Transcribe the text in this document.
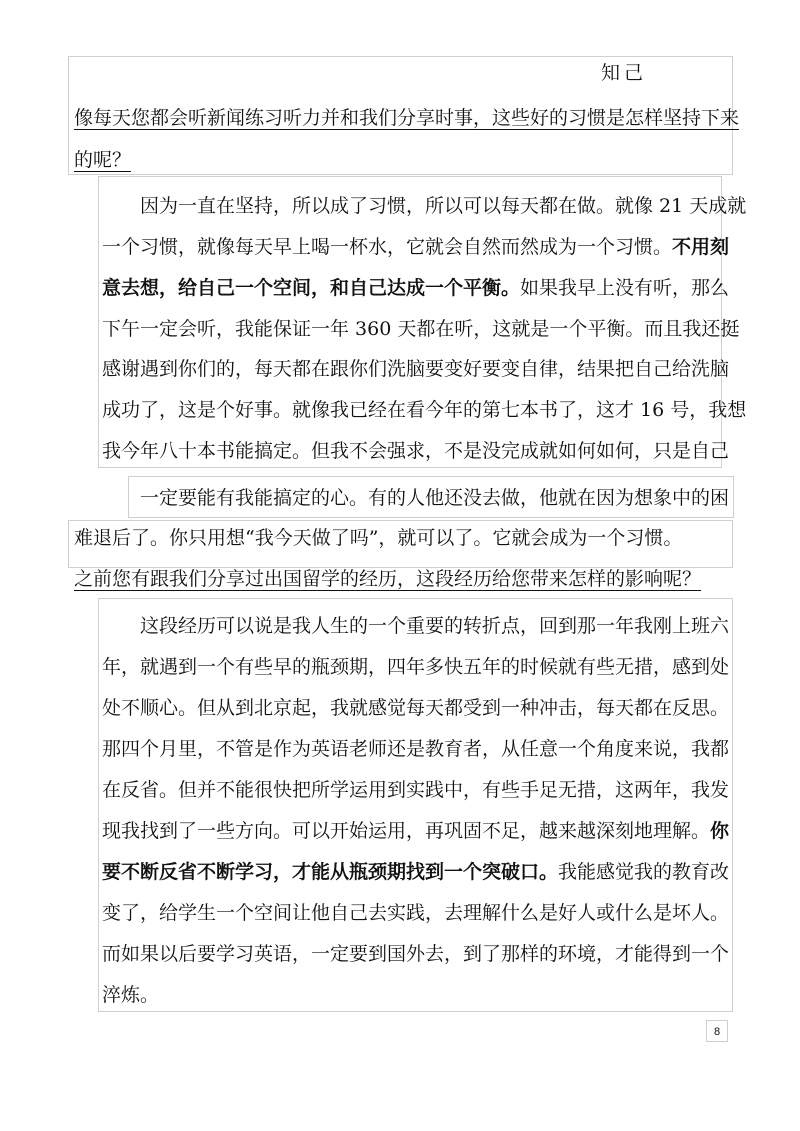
知己
像每天您都会听新闻练习听力并和我们分享时事，这些好的习惯是怎样坚持下来
的呢？
因为一直在坚持，所以成了习惯，所以可以每天都在做。就像 21 天成就
一个习惯，就像每天早上喝一杯水，它就会自然而然成为一个习惯。不用刻
意去想，给自己一个空间，和自己达成一个平衡。如果我早上没有听，那么
下午一定会听，我能保证一年 360 天都在听，这就是一个平衡。而且我还挺
感谢遇到你们的，每天都在跟你们洗脑要变好要变自律，结果把自己给洗脑
成功了，这是个好事。就像我已经在看今年的第七本书了，这才 16 号，我想
我今年八十本书能搞定。但我不会强求，不是没完成就如何如何，只是自己
一定要能有我能搞定的心。有的人他还没去做，他就在因为想象中的困
难退后了。你只用想“我今天做了吗”，就可以了。它就会成为一个习惯。
之前您有跟我们分享过出国留学的经历，这段经历给您带来怎样的影响呢？
这段经历可以说是我人生的一个重要的转折点，回到那一年我刚上班六
年，就遇到一个有些早的瓶颈期，四年多快五年的时候就有些无措，感到处
处不顺心。但从到北京起，我就感觉每天都受到一种冲击，每天都在反思。
那四个月里，不管是作为英语老师还是教育者，从任意一个角度来说，我都
在反省。但并不能很快把所学运用到实践中，有些手足无措，这两年，我发
现我找到了一些方向。可以开始运用，再巩固不足，越来越深刻地理解。你
要不断反省不断学习，才能从瓶颈期找到一个突破口。我能感觉我的教育改
变了，给学生一个空间让他自己去实践，去理解什么是好人或什么是坏人。
而如果以后要学习英语，一定要到国外去，到了那样的环境，才能得到一个
淬炼。
8
